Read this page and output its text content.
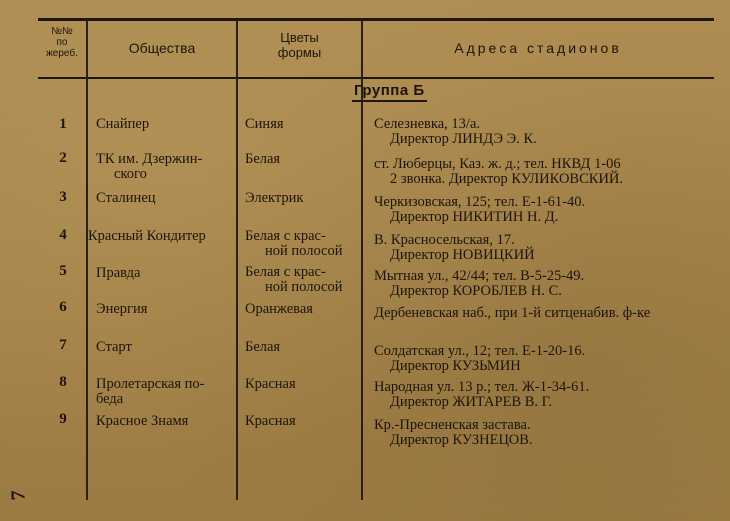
№№
по
жереб.	Общества
Цветы
формы	Адреса стадионов
Группа Б
1	Снайпер	Синяя	Селезневка, 13/а.
Директор ЛИНДЭ Э. К.
2	ТК им. Дзержин-
ского
Белая	ст. Люберцы, Каз. ж. д.; тел. НКВД 1-06
2 звонка. Директор КУЛИКОВСКИЙ.
3	Сталинец	Электрик	Черкизовская, 125; тел. Е-1-61-40.
Директор НИКИТИН Н. Д.
4	Красный Кондитер	Белая с крас-
ной полосой
В. Красносельская, 17.
Директор НОВИЦКИЙ
5	Правда	Белая с крас-
ной полосой
Мытная ул., 42/44; тел. В-5-25-49.
Директор КОРОБЛЕВ Н. С.
6	Энергия	Оранжевая	Дербеневская наб., при 1-й ситценабив. ф-ке
7	Старт	Белая	Солдатская ул., 12; тел. Е-1-20-16.
Директор КУЗЬМИН
8	Пролетарская по-
беда
Красная	Народная ул. 13 р.; тел. Ж-1-34-61.
Директор ЖИТАРЕВ В. Г.
9	Красное Знамя	Красная	Кр.-Пресненская застава.
Директор КУЗНЕЦОВ.
7
